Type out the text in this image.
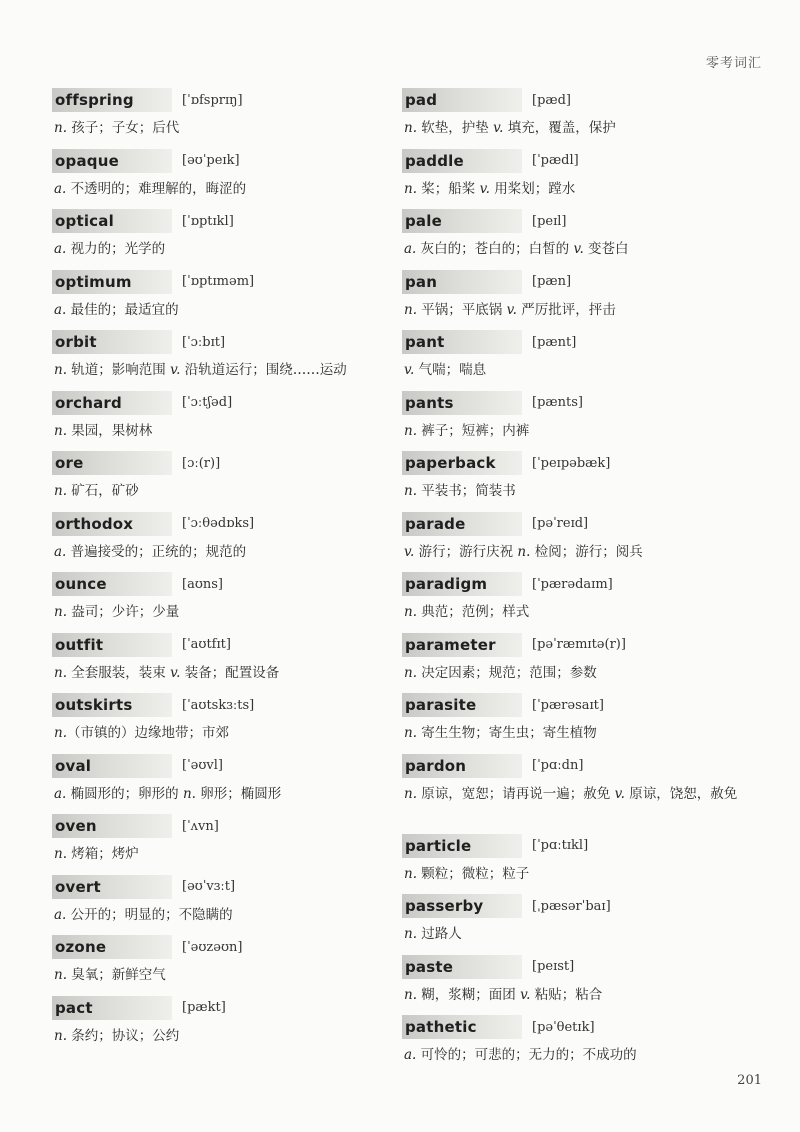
零考词汇
offspring	[ˈɒfsprɪŋ]
n. 孩子；子女；后代
opaque	[əʊˈpeɪk]
a. 不透明的；难理解的，晦涩的
optical	[ˈɒptɪkl]
a. 视力的；光学的
optimum	[ˈɒptɪməm]
a. 最佳的；最适宜的
orbit	[ˈɔːbɪt]
n. 轨道；影响范围 v. 沿轨道运行；围绕……运动
orchard	[ˈɔːtʃəd]
n. 果园，果树林
ore	[ɔː(r)]
n. 矿石，矿砂
orthodox	[ˈɔːθədɒks]
a. 普遍接受的；正统的；规范的
ounce	[aʊns]
n. 盎司；少许；少量
outfit	[ˈaʊtfɪt]
n. 全套服装，装束 v. 装备；配置设备
outskirts	[ˈaʊtskɜːts]
n.（市镇的）边缘地带；市郊
oval	[ˈəʊvl]
a. 椭圆形的；卵形的 n. 卵形；椭圆形
oven	[ˈʌvn]
n. 烤箱；烤炉
overt	[əʊˈvɜːt]
a. 公开的；明显的；不隐瞒的
ozone	[ˈəʊzəʊn]
n. 臭氧；新鲜空气
pact	[pækt]
n. 条约；协议；公约
pad	[pæd]
n. 软垫，护垫 v. 填充，覆盖，保护
paddle	[ˈpædl]
n. 桨；船桨 v. 用桨划；蹚水
pale	[peɪl]
a. 灰白的；苍白的；白皙的 v. 变苍白
pan	[pæn]
n. 平锅；平底锅 v. 严厉批评，抨击
pant	[pænt]
v. 气喘；喘息
pants	[pænts]
n. 裤子；短裤；内裤
paperback	[ˈpeɪpəbæk]
n. 平装书；简装书
parade	[pəˈreɪd]
v. 游行；游行庆祝 n. 检阅；游行；阅兵
paradigm	[ˈpærədaɪm]
n. 典范；范例；样式
parameter	[pəˈræmɪtə(r)]
n. 决定因素；规范；范围；参数
parasite	[ˈpærəsaɪt]
n. 寄生生物；寄生虫；寄生植物
pardon	[ˈpɑːdn]
n. 原谅，宽恕；请再说一遍；赦免 v. 原谅，饶恕，赦免
particle	[ˈpɑːtɪkl]
n. 颗粒；微粒；粒子
passerby	[ˌpæsərˈbaɪ]
n. 过路人
paste	[peɪst]
n. 糊，浆糊；面团 v. 粘贴；粘合
pathetic	[pəˈθetɪk]
a. 可怜的；可悲的；无力的；不成功的
201
